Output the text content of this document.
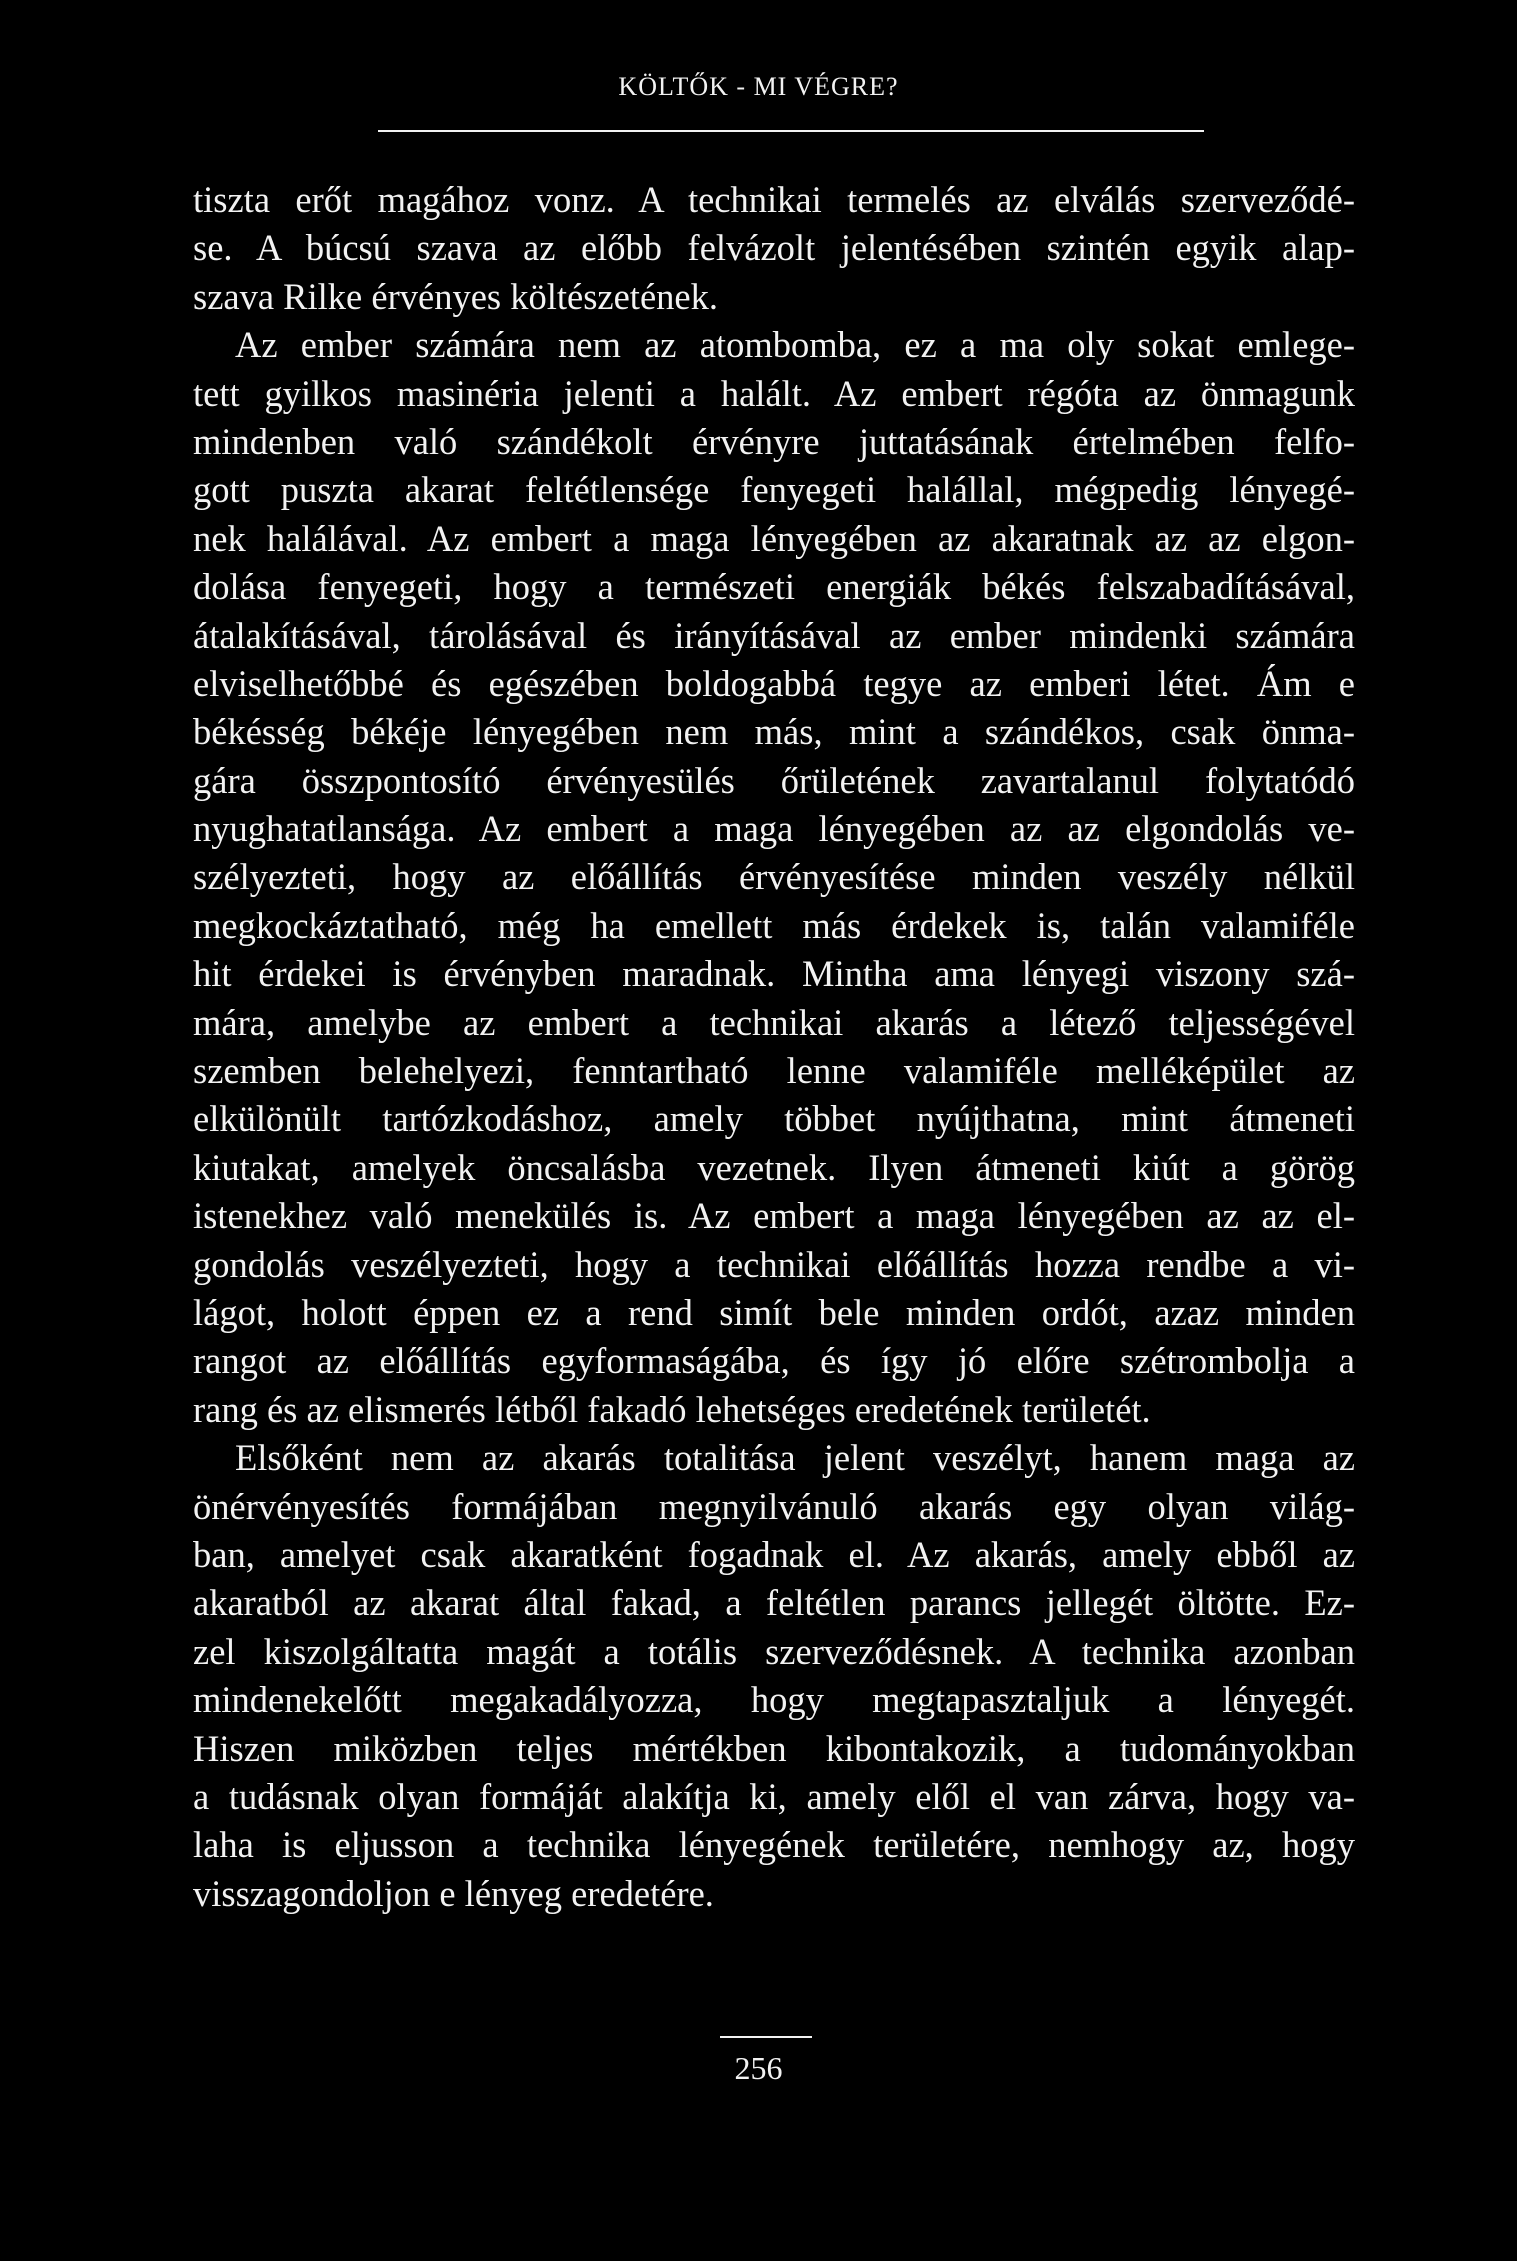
KÖLTŐK - MI VÉGRE?
tiszta erőt magához vonz. A technikai termelés az elválás szerveződé-
se. A búcsú szava az előbb felvázolt jelentésében szintén egyik alap-
szava Rilke érvényes költészetének.
Az ember számára nem az atombomba, ez a ma oly sokat emlege-
tett gyilkos masinéria jelenti a halált. Az embert régóta az önmagunk
mindenben való szándékolt érvényre juttatásának értelmében felfo-
gott puszta akarat feltétlensége fenyegeti halállal, mégpedig lényegé-
nek halálával. Az embert a maga lényegében az akaratnak az az elgon-
dolása fenyegeti, hogy a természeti energiák békés felszabadításával,
átalakításával, tárolásával és irányításával az ember mindenki számára
elviselhetőbbé és egészében boldogabbá tegye az emberi létet. Ám e
békésség békéje lényegében nem más, mint a szándékos, csak önma-
gára összpontosító érvényesülés őrületének zavartalanul folytatódó
nyughatatlansága. Az embert a maga lényegében az az elgondolás ve-
szélyezteti, hogy az előállítás érvényesítése minden veszély nélkül
megkockáztatható, még ha emellett más érdekek is, talán valamiféle
hit érdekei is érvényben maradnak. Mintha ama lényegi viszony szá-
mára, amelybe az embert a technikai akarás a létező teljességével
szemben belehelyezi, fenntartható lenne valamiféle melléképület az
elkülönült tartózkodáshoz, amely többet nyújthatna, mint átmeneti
kiutakat, amelyek öncsalásba vezetnek. Ilyen átmeneti kiút a görög
istenekhez való menekülés is. Az embert a maga lényegében az az el-
gondolás veszélyezteti, hogy a technikai előállítás hozza rendbe a vi-
lágot, holott éppen ez a rend simít bele minden ordót, azaz minden
rangot az előállítás egyformaságába, és így jó előre szétrombolja a
rang és az elismerés létből fakadó lehetséges eredetének területét.
Elsőként nem az akarás totalitása jelent veszélyt, hanem maga az
önérvényesítés formájában megnyilvánuló akarás egy olyan világ-
ban, amelyet csak akaratként fogadnak el. Az akarás, amely ebből az
akaratból az akarat által fakad, a feltétlen parancs jellegét öltötte. Ez-
zel kiszolgáltatta magát a totális szerveződésnek. A technika azonban
mindenekelőtt megakadályozza, hogy megtapasztaljuk a lényegét.
Hiszen miközben teljes mértékben kibontakozik, a tudományokban
a tudásnak olyan formáját alakítja ki, amely elől el van zárva, hogy va-
laha is eljusson a technika lényegének területére, nemhogy az, hogy
visszagondoljon e lényeg eredetére.
256
